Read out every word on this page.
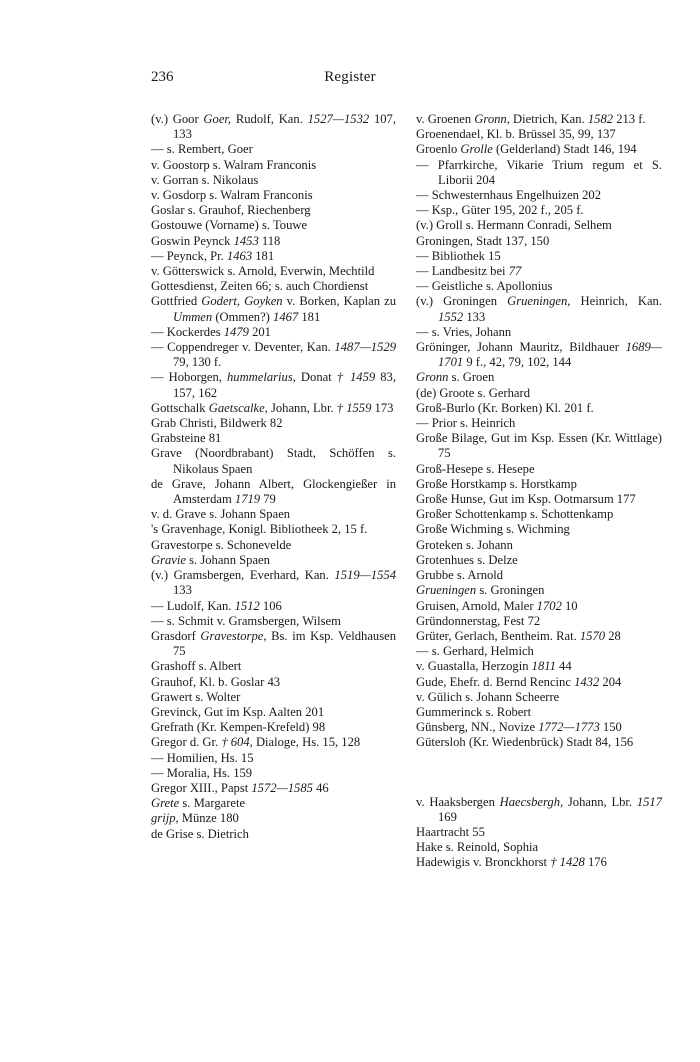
236	Register

(v.) Goor Goer, Rudolf, Kan. 1527—1532 107, 133

— s. Rembert, Goer

v. Goostorp s. Walram Franconis

v. Gorran s. Nikolaus

v. Gosdorp s. Walram Franconis

Goslar s. Grauhof, Riechenberg

Gostouwe (Vorname) s. Touwe

Goswin Peynck 1453 118

— Peynck, Pr. 1463 181

v. Götterswick s. Arnold, Everwin, Mechtild

Gottesdienst, Zeiten 66; s. auch Chordienst

Gottfried Godert, Goyken v. Borken, Kaplan zu Ummen (Ommen?) 1467 181

— Kockerdes 1479 201

— Coppendreger v. Deventer, Kan. 1487—1529 79, 130 f.

— Hoborgen, hummelarius, Donat † 1459 83, 157, 162

Gottschalk Gaetscalke, Johann, Lbr. † 1559 173

Grab Christi, Bildwerk 82

Grabsteine 81

Grave (Noordbrabant) Stadt, Schöffen s. Nikolaus Spaen

de Grave, Johann Albert, Glockengießer in Amsterdam 1719 79

v. d. Grave s. Johann Spaen

's Gravenhage, Konigl. Bibliotheek 2, 15 f.

Gravestorpe s. Schonevelde

Gravie s. Johann Spaen

(v.) Gramsbergen, Everhard, Kan. 1519—1554 133

— Ludolf, Kan. 1512 106

— s. Schmit v. Gramsbergen, Wilsem

Grasdorf Gravestorpe, Bs. im Ksp. Veldhausen 75

Grashoff s. Albert

Grauhof, Kl. b. Goslar 43

Grawert s. Wolter

Grevinck, Gut im Ksp. Aalten 201

Grefrath (Kr. Kempen-Krefeld) 98

Gregor d. Gr. † 604, Dialoge, Hs. 15, 128

— Homilien, Hs. 15

— Moralia, Hs. 159

Gregor XIII., Papst 1572—1585 46

Grete s. Margarete

grijp, Münze 180

de Grise s. Dietrich

v. Groenen Gronn, Dietrich, Kan. 1582 213 f.

Groenendael, Kl. b. Brüssel 35, 99, 137

Groenlo Grolle (Gelderland) Stadt 146, 194

— Pfarrkirche, Vikarie Trium regum et S. Liborii 204

— Schwesternhaus Engelhuizen 202

— Ksp., Güter 195, 202 f., 205 f.

(v.) Groll s. Hermann Conradi, Selhem

Groningen, Stadt 137, 150

— Bibliothek 15

— Landbesitz bei 77

— Geistliche s. Apollonius

(v.) Groningen Grueningen, Heinrich, Kan. 1552 133

— s. Vries, Johann

Gröninger, Johann Mauritz, Bildhauer 1689—1701 9 f., 42, 79, 102, 144

Gronn s. Groen

(de) Groote s. Gerhard

Groß-Burlo (Kr. Borken) Kl. 201 f.

— Prior s. Heinrich

Große Bilage, Gut im Ksp. Essen (Kr. Wittlage) 75

Groß-Hesepe s. Hesepe

Große Horstkamp s. Horstkamp

Große Hunse, Gut im Ksp. Ootmarsum 177

Großer Schottenkamp s. Schottenkamp

Große Wichming s. Wichming

Groteken s. Johann

Grotenhues s. Delze

Grubbe s. Arnold

Grueningen s. Groningen

Gruisen, Arnold, Maler 1702 10

Gründonnerstag, Fest 72

Grüter, Gerlach, Bentheim. Rat. 1570 28

— s. Gerhard, Helmich

v. Guastalla, Herzogin 1811 44

Gude, Ehefr. d. Bernd Rencinc 1432 204

v. Gülich s. Johann Scheerre

Gummerinck s. Robert

Günsberg, NN., Novize 1772—1773 150

Gütersloh (Kr. Wiedenbrück) Stadt 84, 156

v. Haaksbergen Haecsbergh, Johann, Lbr. 1517 169

Haartracht 55

Hake s. Reinold, Sophia

Hadewigis v. Bronckhorst † 1428 176
